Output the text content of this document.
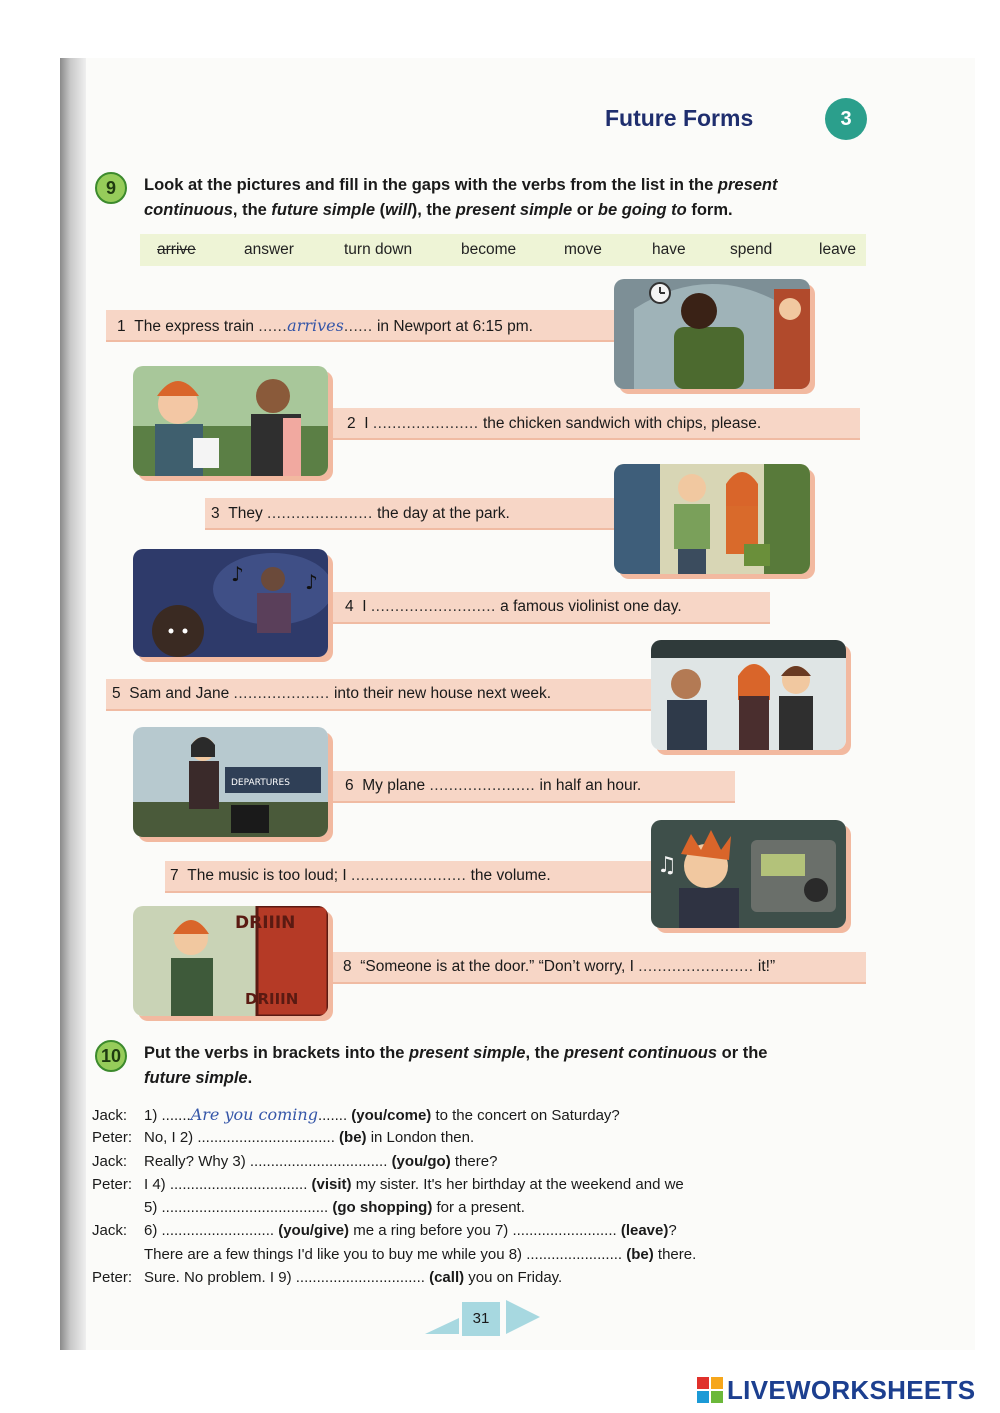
Future Forms	3
9	Look at the pictures and fill in the gaps with the verbs from the list in the present
continuous, the future simple (will), the present simple or be going to form.
arrive	answer	turn down	become	move	have	spend	leave
♪	♪
DEPARTURES
♫
DRIIIN
DRIIIN
1 The express train ......arrives...... in Newport at 6:15 pm.
2 I ...................... the chicken sandwich with chips, please.
3 They ...................... the day at the park.
4 I .......................... a famous violinist one day.
5 Sam and Jane .................... into their new house next week.
6 My plane ...................... in half an hour.
7 The music is too loud; I ........................ the volume.
8 “Someone is at the door.” “Don’t worry, I ........................ it!”
10	Put the verbs in brackets into the present simple, the present continuous or the
future simple.
Jack: 1) .......Are you coming....... (you/come) to the concert on Saturday?
Peter: No, I 2) ................................. (be) in London then.
Jack: Really? Why 3) ................................. (you/go) there?
Peter: I 4) ................................. (visit) my sister. It's her birthday at the weekend and we
5) ........................................ (go shopping) for a present.
Jack: 6) ........................... (you/give) me a ring before you 7) ......................... (leave)?
There are a few things I'd like you to buy me while you 8) ....................... (be) there.
Peter: Sure. No problem. I 9) ............................... (call) you on Friday.
31
LIVEWORKSHEETS
